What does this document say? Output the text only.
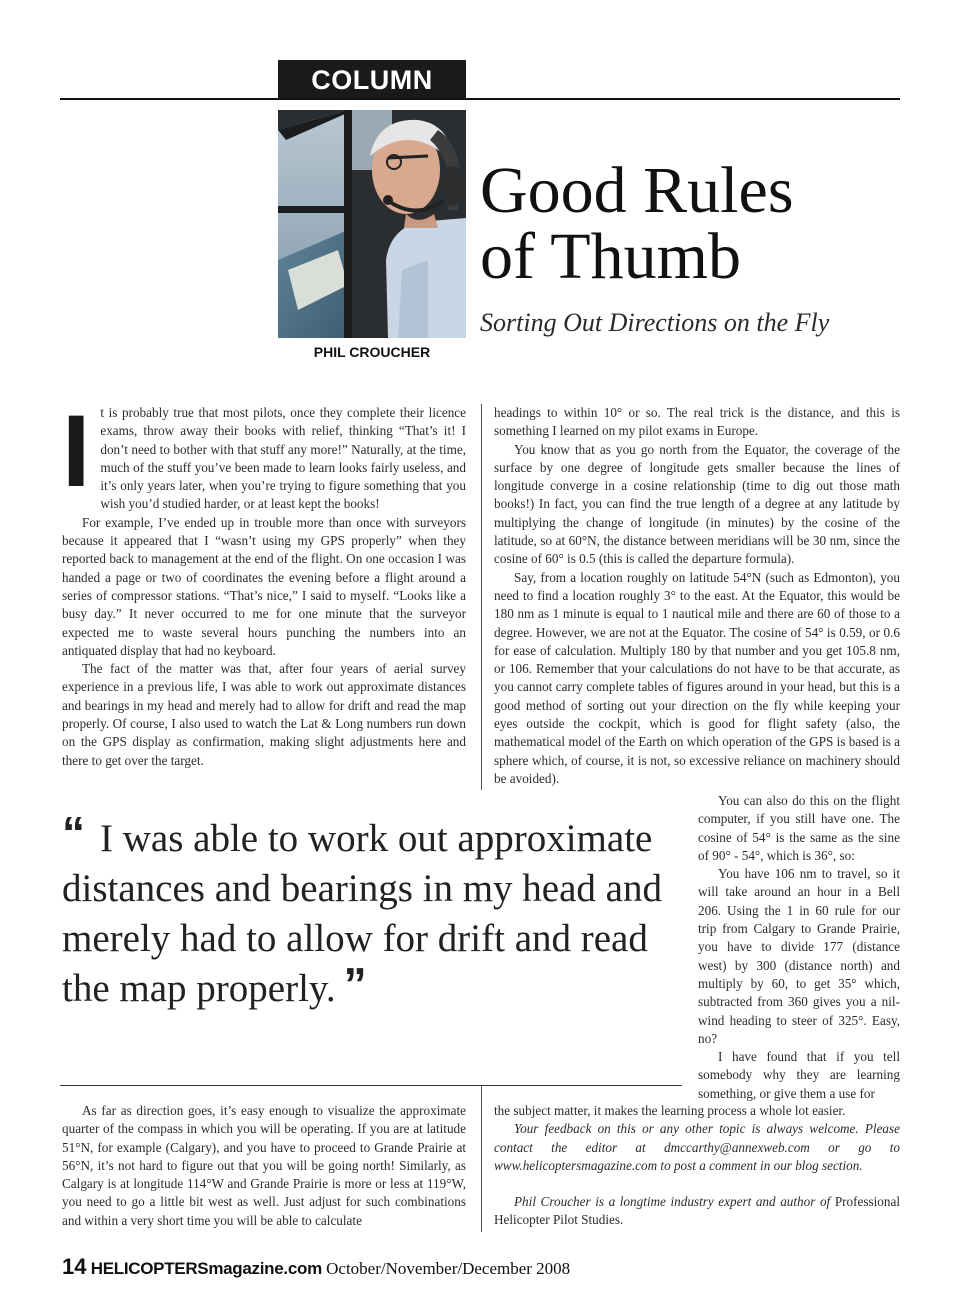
COLUMN
PHIL CROUCHER
Good Rules
of Thumb
Sorting Out Directions on the Fly

It is probably true that most pilots, once they complete their licence exams, throw away their books with relief, thinking “That’s it! I don’t need to bother with that stuff any more!” Naturally, at the time, much of the stuff you’ve been made to learn looks fairly useless, and it’s only years later, when you’re trying to figure something that you wish you’d studied harder, or at least kept the books!

For example, I’ve ended up in trouble more than once with surveyors because it appeared that I “wasn’t using my GPS properly” when they reported back to management at the end of the flight. On one occasion I was handed a page or two of coordinates the evening before a flight around a series of compressor stations. “That’s nice,” I said to myself. “Looks like a busy day.” It never occurred to me for one minute that the surveyor expected me to waste several hours punching the numbers into an antiquated display that had no keyboard.

The fact of the matter was that, after four years of aerial survey experience in a previous life, I was able to work out approximate distances and bearings in my head and merely had to allow for drift and read the map properly. Of course, I also used to watch the Lat & Long numbers run down on the GPS display as confirmation, making slight adjustments here and there to get over the target.

headings to within 10° or so. The real trick is the distance, and this is something I learned on my pilot exams in Europe.

You know that as you go north from the Equator, the coverage of the surface by one degree of longitude gets smaller because the lines of longitude converge in a cosine relationship (time to dig out those math books!) In fact, you can find the true length of a degree at any latitude by multiplying the change of longitude (in minutes) by the cosine of the latitude, so at 60°N, the distance between meridians will be 30 nm, since the cosine of 60° is 0.5 (this is called the departure formula).

Say, from a location roughly on latitude 54°N (such as Edmonton), you need to find a location roughly 3° to the east. At the Equator, this would be 180 nm as 1 minute is equal to 1 nautical mile and there are 60 of those to a degree. However, we are not at the Equator. The cosine of 54° is 0.59, or 0.6 for ease of calculation. Multiply 180 by that number and you get 105.8 nm, or 106. Remember that your calculations do not have to be that accurate, as you cannot carry complete tables of figures around in your head, but this is a good method of sorting out your direction on the fly while keeping your eyes outside the cockpit, which is good for flight safety (also, the mathematical model of the Earth on which operation of the GPS is based is a sphere which, of course, it is not, so excessive reliance on machinery should be avoided).

You can also do this on the flight computer, if you still have one. The cosine of 54° is the same as the sine of 90° - 54°, which is 36°, so:

You have 106 nm to travel, so it will take around an hour in a Bell 206. Using the 1 in 60 rule for our trip from Calgary to Grande Prairie, you have to divide 177 (distance west) by 300 (distance north) and multiply by 60, to get 35° which, subtracted from 360 gives you a nil-wind heading to steer of 325°. Easy, no?

I have found that if you tell somebody why they are learning something, or give them a use for

“ I was able to work out approximate distances and bearings in my head and merely had to allow for drift and read the map properly. ”

As far as direction goes, it’s easy enough to visualize the approximate quarter of the compass in which you will be operating. If you are at latitude 51°N, for example (Calgary), and you have to proceed to Grande Prairie at 56°N, it’s not hard to figure out that you will be going north! Similarly, as Calgary is at longitude 114°W and Grande Prairie is more or less at 119°W, you need to go a little bit west as well. Just adjust for such combinations and within a very short time you will be able to calculate

the subject matter, it makes the learning process a whole lot easier.

Your feedback on this or any other topic is always welcome. Please contact the editor at dmccarthy@annexweb.com or go to www.helicoptersmagazine.com to post a comment in our blog section.

Phil Croucher is a longtime industry expert and author of Professional Helicopter Pilot Studies.

14 HELICOPTERSmagazine.com October/November/December 2008
